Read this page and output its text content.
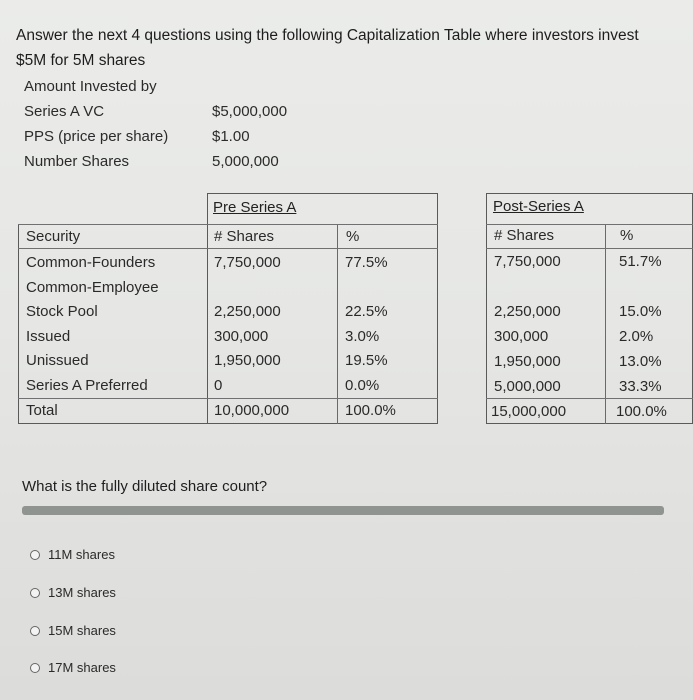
Answer the next 4 questions using the following Capitalization Table where investors invest
$5M for 5M shares
Amount Invested by
Series A VC	$5,000,000
PPS (price per share)	$1.00
Number Shares	5,000,000
Pre Series A	Post-Series A
Security	# Shares	%	# Shares	%
Common-Founders	7,750,000	77.5%	7,750,000	51.7%
Common-Employee
Stock Pool	2,250,000	22.5%	2,250,000	15.0%
Issued	300,000	3.0%	300,000	2.0%
Unissued	1,950,000	19.5%	1,950,000	13.0%
Series A Preferred	0	0.0%	5,000,000	33.3%
Total	10,000,000	100.0%	15,000,000	100.0%
What is the fully diluted share count?
11M shares
13M shares
15M shares
17M shares
